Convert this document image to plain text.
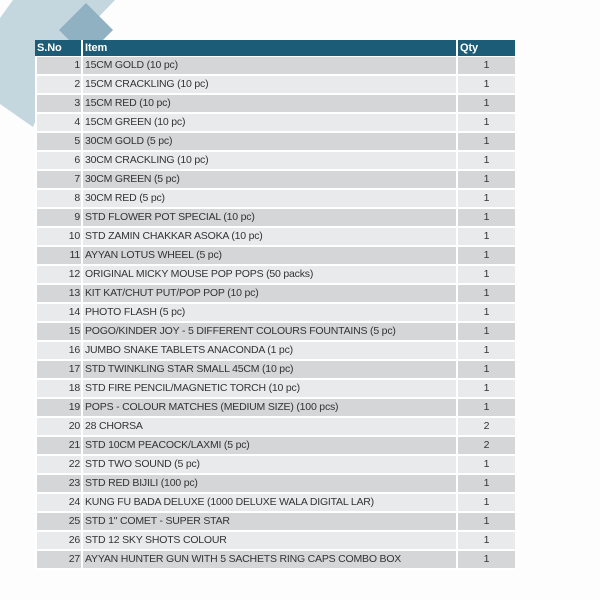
S.No	Item	Qty
1 15CM GOLD (10 pc)	1
2 15CM CRACKLING (10 pc)	1
3 15CM RED (10 pc)	1
4 15CM GREEN (10 pc)	1
5 30CM GOLD (5 pc)	1
6 30CM CRACKLING (10 pc)	1
7 30CM GREEN (5 pc)	1
8 30CM RED (5 pc)	1
9 STD FLOWER POT SPECIAL (10 pc)	1
10 STD ZAMIN CHAKKAR ASOKA (10 pc)	1
11 AYYAN LOTUS WHEEL (5 pc)	1
12 ORIGINAL MICKY MOUSE POP POPS (50 packs)	1
13 KIT KAT/CHUT PUT/POP POP (10 pc)	1
14 PHOTO FLASH (5 pc)	1
15 POGO/KINDER JOY - 5 DIFFERENT COLOURS FOUNTAINS (5 pc)	1
16 JUMBO SNAKE TABLETS ANACONDA (1 pc)	1
17 STD TWINKLING STAR SMALL 45CM (10 pc)	1
18 STD FIRE PENCIL/MAGNETIC TORCH (10 pc)	1
19 POPS - COLOUR MATCHES (MEDIUM SIZE) (100 pcs)	1
20 28 CHORSA	2
21 STD 10CM PEACOCK/LAXMI (5 pc)	2
22 STD TWO SOUND (5 pc)	1
23 STD RED BIJILI (100 pc)	1
24 KUNG FU BADA DELUXE (1000 DELUXE WALA DIGITAL LAR)	1
25 STD 1" COMET - SUPER STAR	1
26 STD 12 SKY SHOTS COLOUR	1
27 AYYAN HUNTER GUN WITH 5 SACHETS RING CAPS COMBO BOX	1
